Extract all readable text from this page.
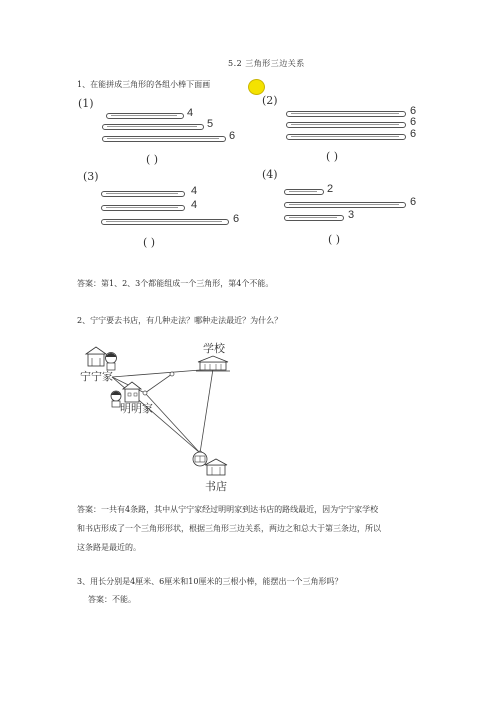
5.2 三角形三边关系
1、在能拼成三角形的各组小棒下面画
(1)
4
5
6
( )
(2)
6
6
6
( )
(3)
4
4
6
( )
(4)
2
6
3
( )
答案：第1、2、3个都能组成一个三角形，第4个不能。
2、宁宁要去书店，有几种走法？哪种走法最近？为什么？
宁宁家
学校
明明家
书店
答案：一共有4条路，其中从宁宁家经过明明家到达书店的路线最近，因为宁宁家学校
和书店形成了一个三角形形状，根据三角形三边关系，两边之和总大于第三条边，所以
这条路是最近的。
3、用长分别是4厘米、6厘米和10厘米的三根小棒，能摆出一个三角形吗？
答案：不能。
